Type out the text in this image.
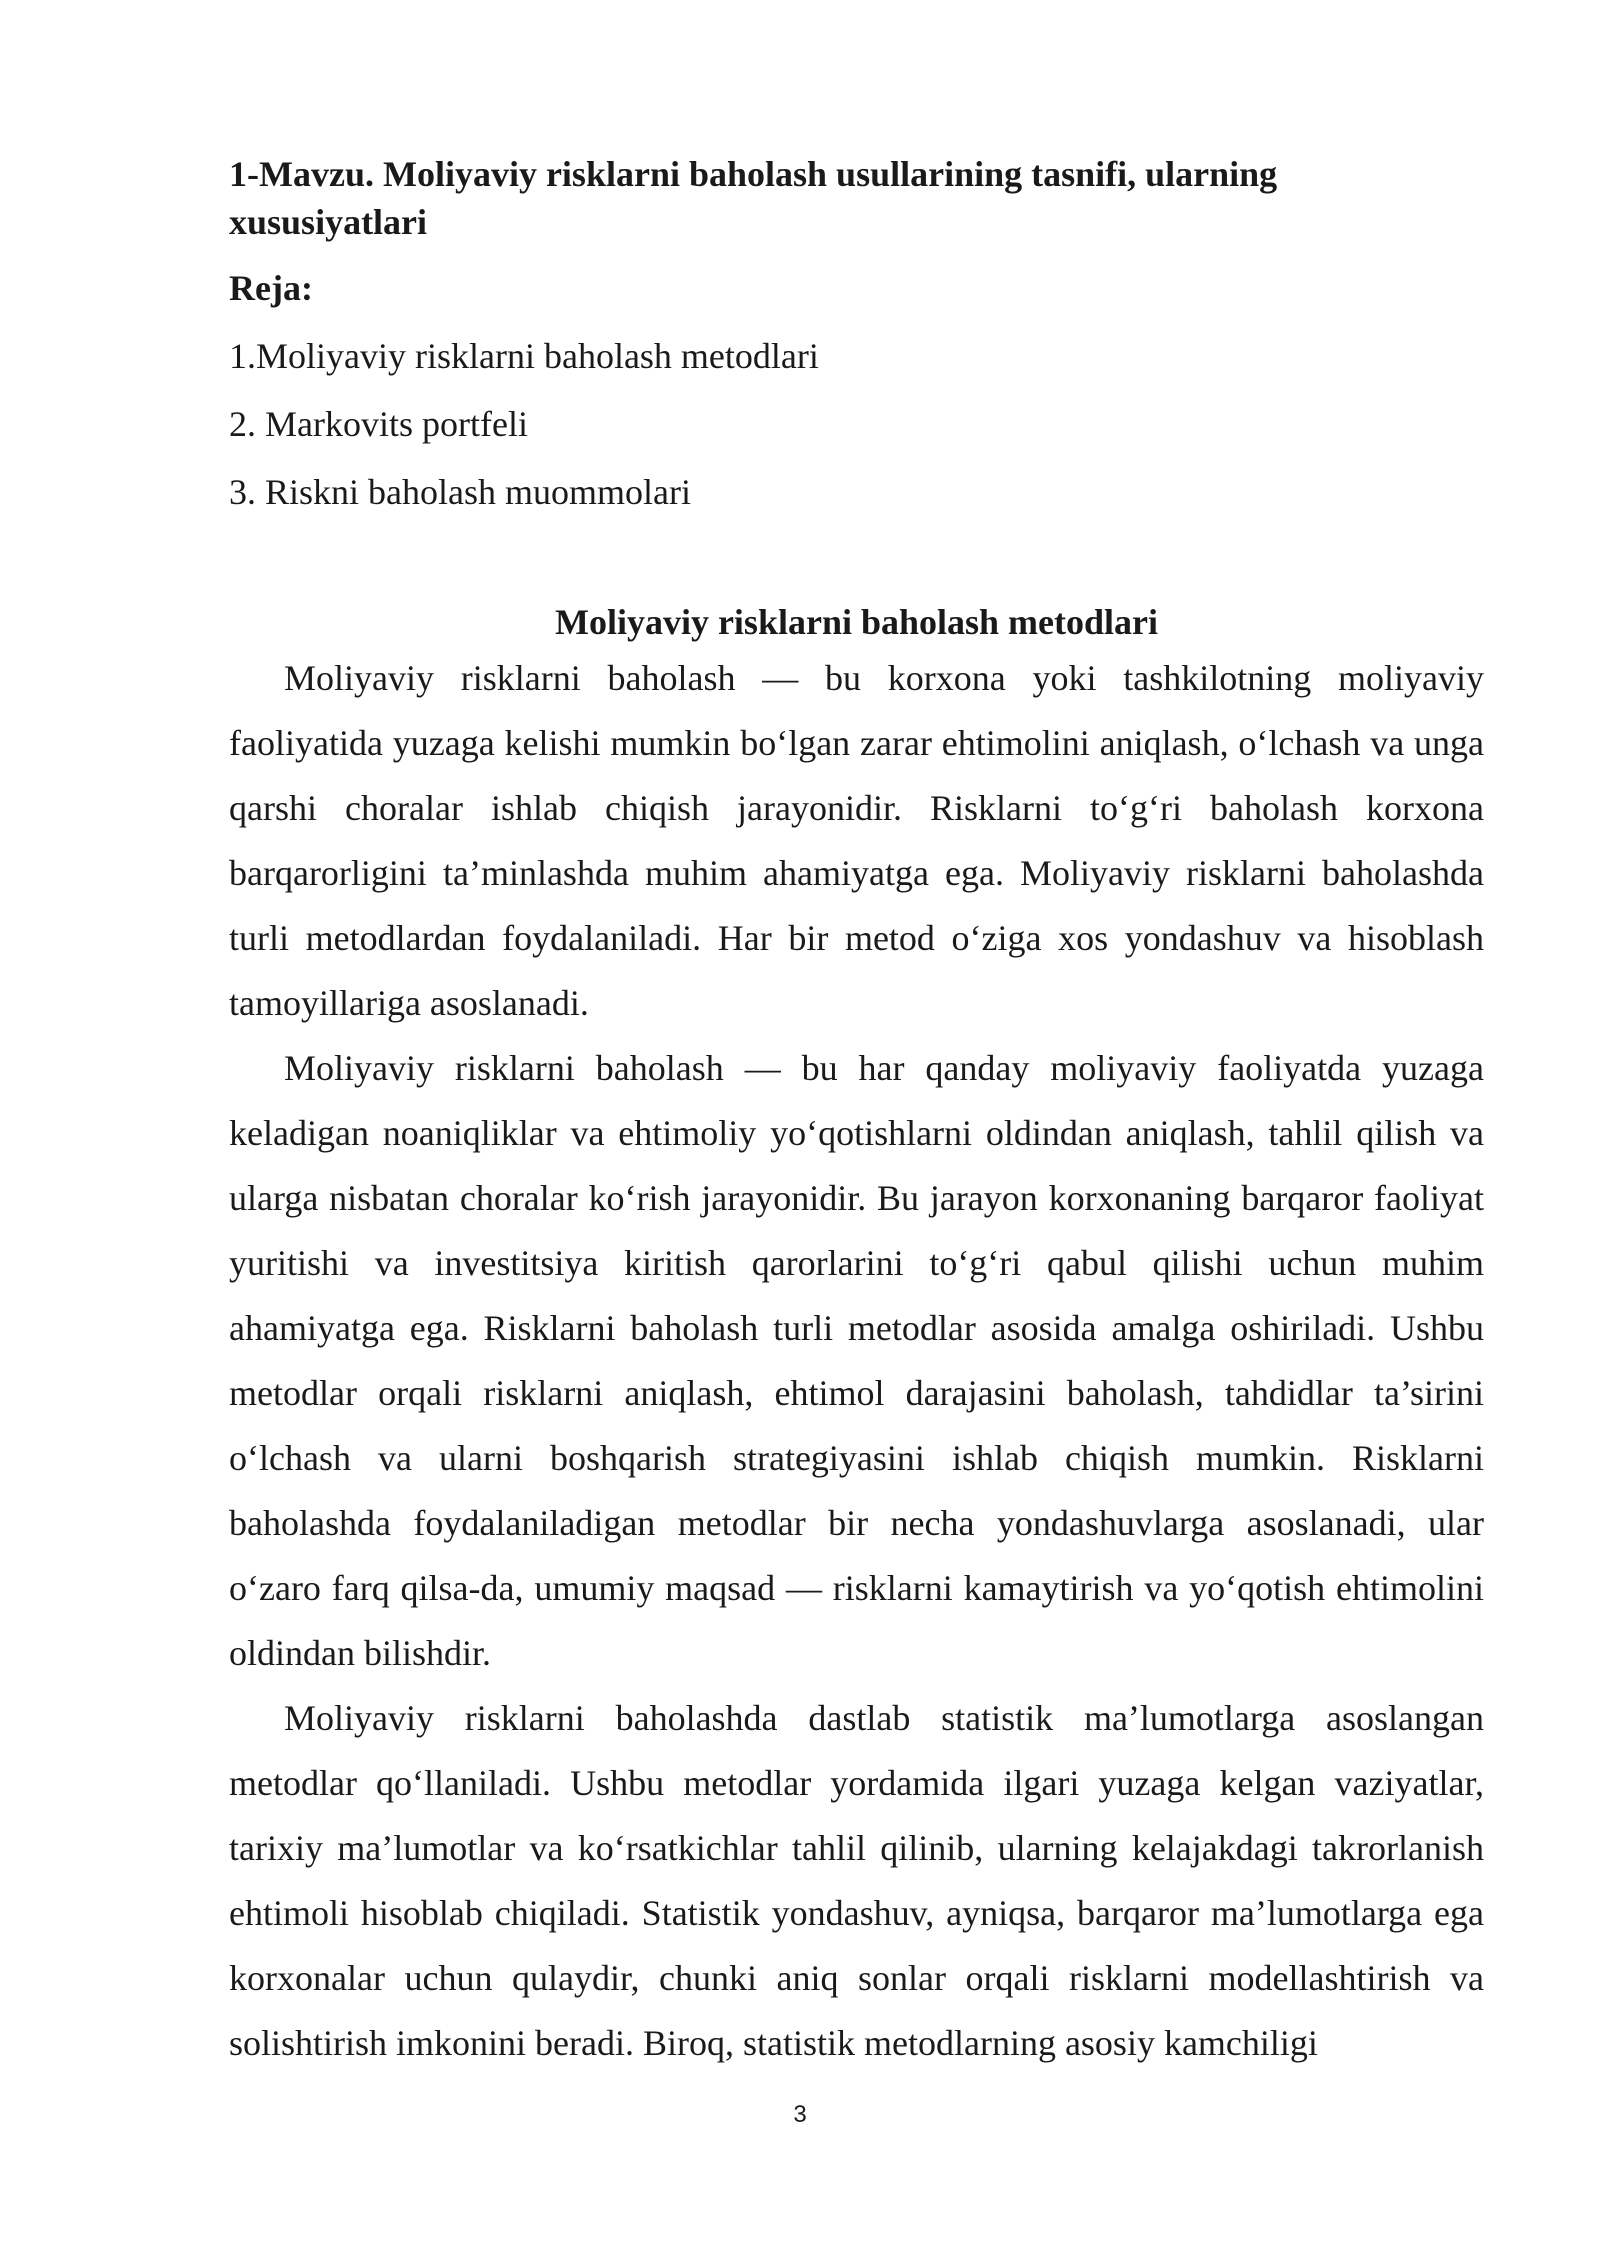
1-Mavzu. Moliyaviy risklarni baholash usullarining tasnifi, ularning xususiyatlari

Reja:

1.Moliyaviy risklarni baholash metodlari
2. Markovits portfeli
3. Riskni baholash muommolari

Moliyaviy risklarni baholash metodlari

Moliyaviy risklarni baholash — bu korxona yoki tashkilotning moliyaviy faoliyatida yuzaga kelishi mumkin bo‘lgan zarar ehtimolini aniqlash, o‘lchash va unga qarshi choralar ishlab chiqish jarayonidir. Risklarni to‘g‘ri baholash korxona barqarorligini ta’minlashda muhim ahamiyatga ega. Moliyaviy risklarni baholashda turli metodlardan foydalaniladi. Har bir metod o‘ziga xos yondashuv va hisoblash tamoyillariga asoslanadi.

Moliyaviy risklarni baholash — bu har qanday moliyaviy faoliyatda yuzaga keladigan noaniqliklar va ehtimoliy yo‘qotishlarni oldindan aniqlash, tahlil qilish va ularga nisbatan choralar ko‘rish jarayonidir. Bu jarayon korxonaning barqaror faoliyat yuritishi va investitsiya kiritish qarorlarini to‘g‘ri qabul qilishi uchun muhim ahamiyatga ega. Risklarni baholash turli metodlar asosida amalga oshiriladi. Ushbu metodlar orqali risklarni aniqlash, ehtimol darajasini baholash, tahdidlar ta’sirini o‘lchash va ularni boshqarish strategiyasini ishlab chiqish mumkin. Risklarni baholashda foydalaniladigan metodlar bir necha yondashuvlarga asoslanadi, ular o‘zaro farq qilsa-da, umumiy maqsad — risklarni kamaytirish va yo‘qotish ehtimolini oldindan bilishdir.

Moliyaviy risklarni baholashda dastlab statistik ma’lumotlarga asoslangan metodlar qo‘llaniladi. Ushbu metodlar yordamida ilgari yuzaga kelgan vaziyatlar, tarixiy ma’lumotlar va ko‘rsatkichlar tahlil qilinib, ularning kelajakdagi takrorlanish ehtimoli hisoblab chiqiladi. Statistik yondashuv, ayniqsa, barqaror ma’lumotlarga ega korxonalar uchun qulaydir, chunki aniq sonlar orqali risklarni modellashtirish va solishtirish imkonini beradi. Biroq, statistik metodlarning asosiy kamchiligi

3
